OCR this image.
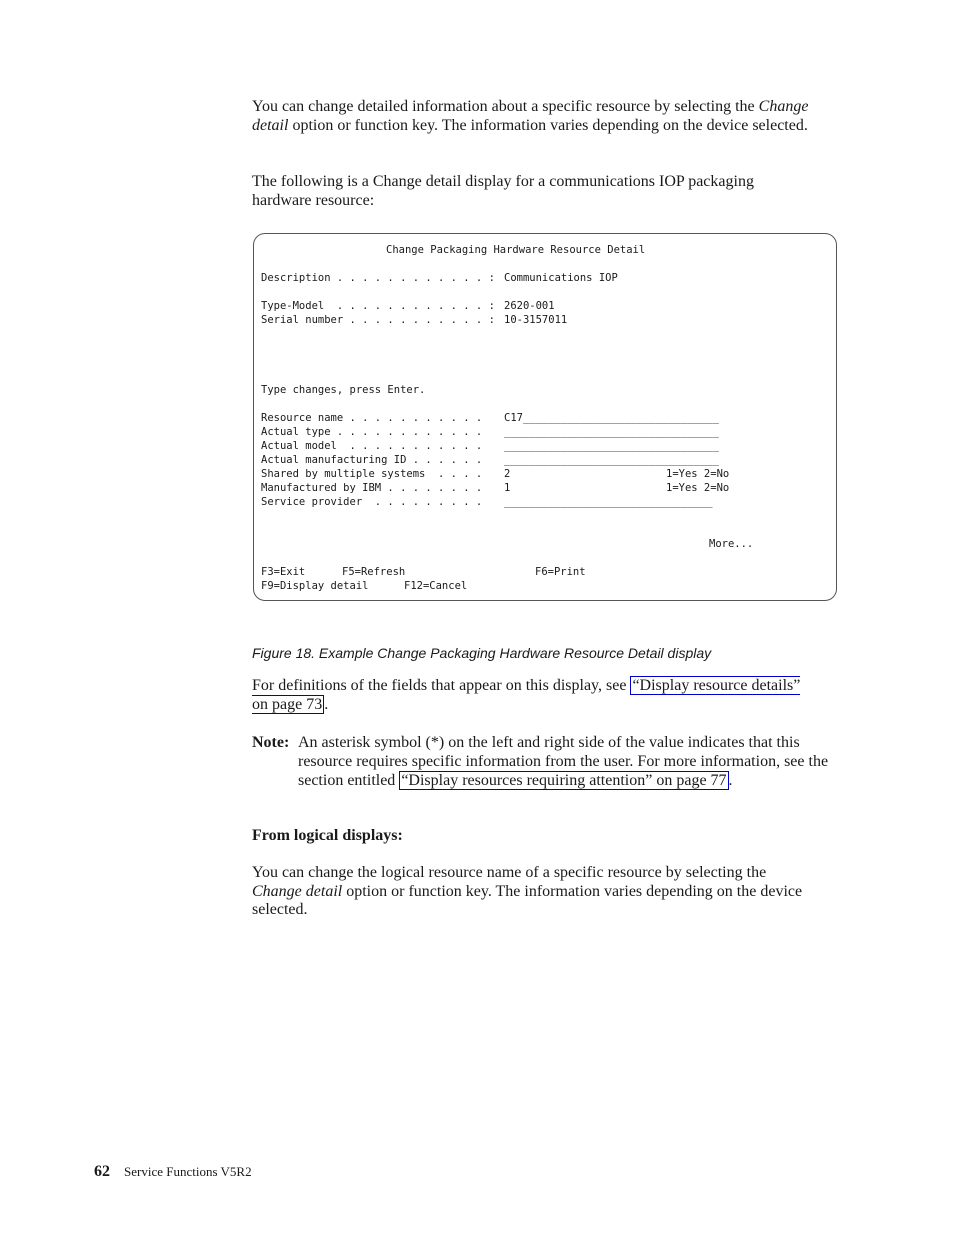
You can change detailed information about a specific resource by selecting the Change detail option or function key. The information varies depending on the device selected.

The following is a Change detail display for a communications IOP packaging hardware resource:

Change Packaging Hardware Resource Detail
Description . . . . . . . . . . . . : Communications IOP
Type-Model  . . . . . . . . . . . . : 2620-001
Serial number . . . . . . . . . . . : 10-3157011
Type changes, press Enter.
Resource name . . . . . . . . . . . C17_______________________________
Actual type . . . . . . . . . . . . __________________________________
Actual model  . . . . . . . . . . . __________________________________
Actual manufacturing ID . . . . . . __________________________________
Shared by multiple systems  . . . . 2	1=Yes 2=No
Manufactured by IBM . . . . . . . . 1	1=Yes 2=No
Service provider  . . . . . . . . . _________________________________
More...
F3=Exit	F5=Refresh	F6=Print
F9=Display detail	F12=Cancel
Figure 18. Example Change Packaging Hardware Resource Detail display

For definitions of the fields that appear on this display, see “Display resource details” on page 73 .

Note: An asterisk symbol (*) on the left and right side of the value indicates that this resource requires specific information from the user. For more information, see the section entitled “Display resources requiring attention” on page 77 .
From logical displays:

You can change the logical resource name of a specific resource by selecting the Change detail option or function key. The information varies depending on the device selected.

62 Service Functions V5R2
